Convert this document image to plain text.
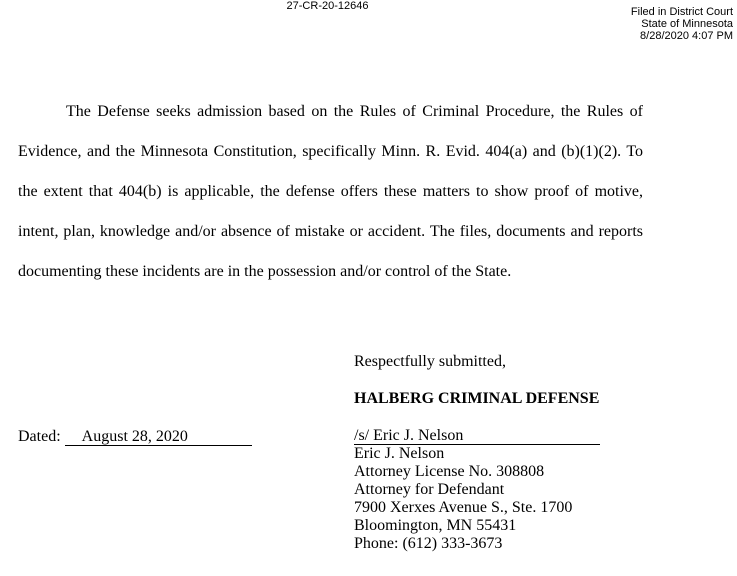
27-CR-20-12646	Filed in District Court
State of Minnesota
8/28/2020 4:07 PM

The Defense seeks admission based on the Rules of Criminal Procedure, the Rules of Evidence, and the Minnesota Constitution, specifically Minn. R. Evid. 404(a) and (b)(1)(2). To the extent that 404(b) is applicable, the defense offers these matters to show proof of motive, intent, plan, knowledge and/or absence of mistake or accident. The files, documents and reports documenting these incidents are in the possession and/or control of the State.

Respectfully submitted,
HALBERG CRIMINAL DEFENSE
Dated: August 28, 2020	/s/ Eric J. Nelson
Eric J. Nelson
Attorney License No. 308808
Attorney for Defendant
7900 Xerxes Avenue S., Ste. 1700
Bloomington, MN 55431
Phone: (612) 333-3673
